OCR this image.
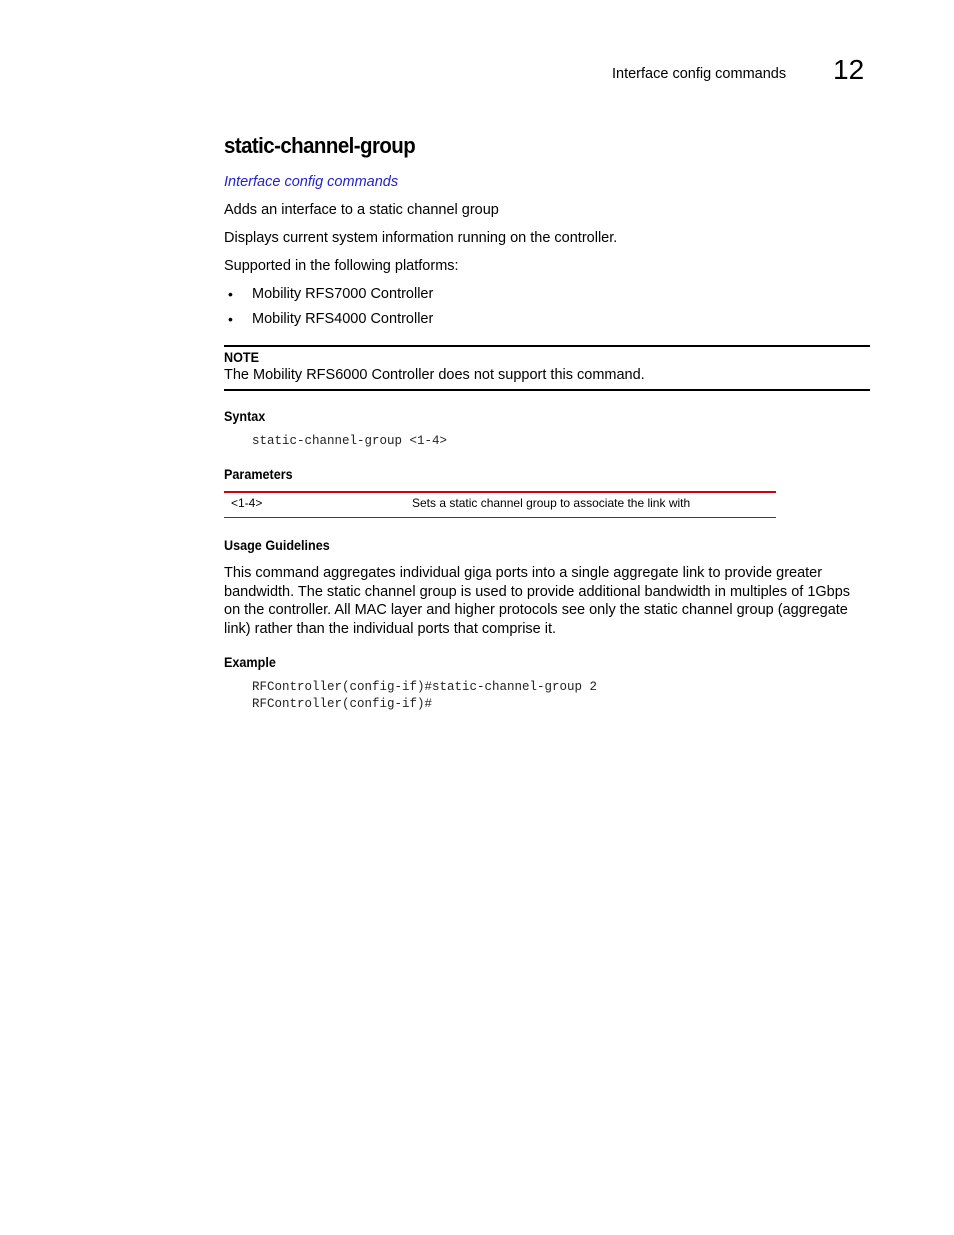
Interface config commands 12
static-channel-group
Interface config commands
Adds an interface to a static channel group
Displays current system information running on the controller.
Supported in the following platforms:
• Mobility RFS7000 Controller
• Mobility RFS4000 Controller
NOTE
The Mobility RFS6000 Controller does not support this command.
Syntax
static-channel-group <1-4>
Parameters
<1-4>	Sets a static channel group to associate the link with
Usage Guidelines
This command aggregates individual giga ports into a single aggregate link to provide greater bandwidth. The static channel group is used to provide additional bandwidth in multiples of 1Gbps on the controller. All MAC layer and higher protocols see only the static channel group (aggregate link) rather than the individual ports that comprise it.
Example
RFController(config-if)#static-channel-group 2
RFController(config-if)#
